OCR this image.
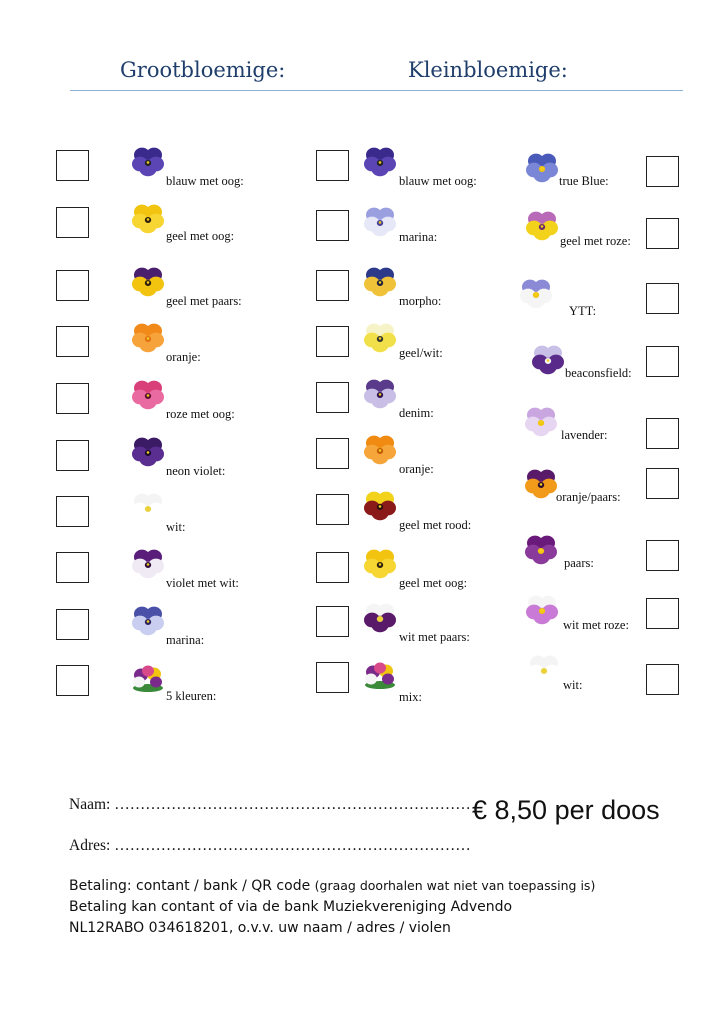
Grootbloemige:	Kleinbloemige:
blauw met oog:
geel met oog:
geel met paars:
oranje:
roze met oog:
neon violet:
wit:
violet met wit:
marina:
5 kleuren:
blauw met oog:
marina:
morpho:
geel/wit:
denim:
oranje:
geel met rood:
geel met oog:
wit met paars:
mix:
true Blue:
geel met roze:
YTT:
beaconsfield:
lavender:
oranje/paars:
paars:
wit met roze:
wit:
Naam: …………………………………………………………… € 8,50 per doos
Adres: ……………………………………………………………
Betaling: contant / bank / QR code (graag doorhalen wat niet van toepassing is)
Betaling kan contant of via de bank Muziekvereniging Advendo
NL12RABO 034618201, o.v.v. uw naam / adres / violen
